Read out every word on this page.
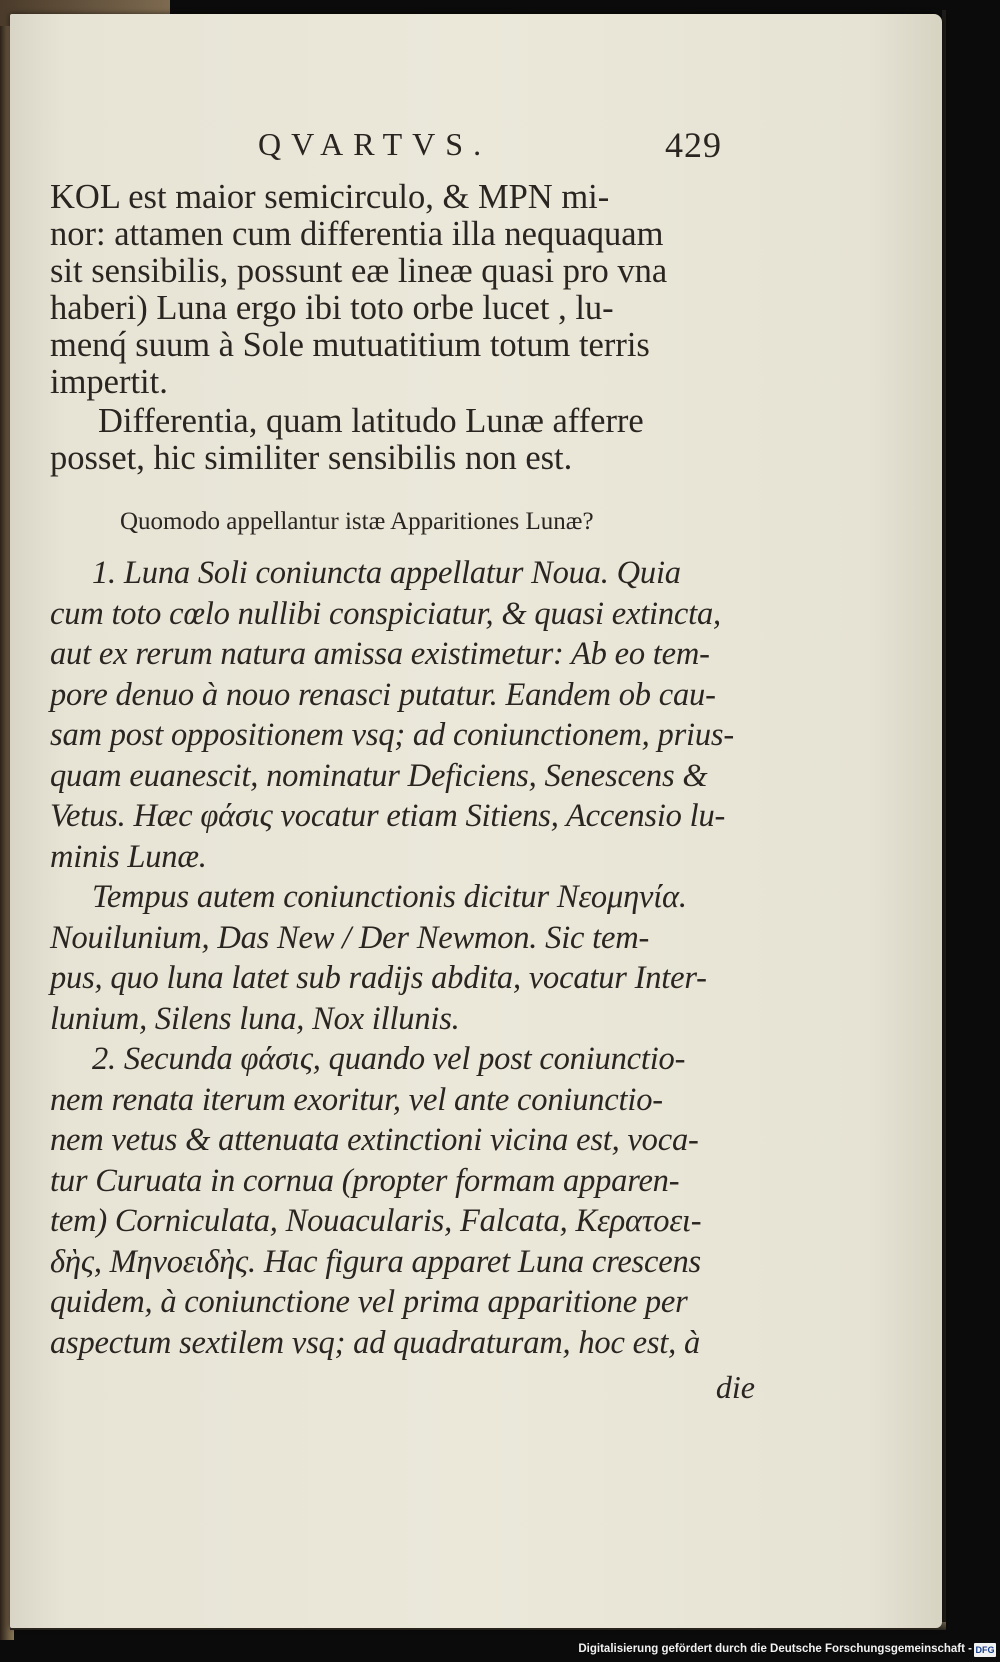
QVARTVS.	429

KOL est maior semicirculo, & MPN mi-
nor: attamen cum differentia illa nequaquam
sit sensibilis, possunt eæ lineæ quasi pro vna
haberi) Luna ergo ibi toto orbe lucet , lu-
menq́ suum à Sole mutuatitium totum terris
impertit.

Differentia, quam latitudo Lunæ afferre
posset, hic similiter sensibilis non est.

Quomodo appellantur istæ Apparitiones Lunæ?

1. Luna Soli coniuncta appellatur Noua. Quia

cum toto cœlo nullibi conspiciatur, & quasi extincta,
aut ex rerum natura amissa existimetur: Ab eo tem-
pore denuo à nouo renasci putatur. Eandem ob cau-
sam post oppositionem vsq; ad coniunctionem, prius-
quam euanescit, nominatur Deficiens, Senescens &
Vetus. Hæc φάσις vocatur etiam Sitiens, Accensio lu-
minis Lunæ.

Tempus autem coniunctionis dicitur Νεομηνία.
Nouilunium, Das New / Der Newmon. Sic tem-
pus, quo luna latet sub radijs abdita, vocatur Inter-
lunium, Silens luna, Nox illunis.

2. Secunda φάσις, quando vel post coniunctio-
nem renata iterum exoritur, vel ante coniunctio-
nem vetus & attenuata extinctioni vicina est, voca-
tur Curuata in cornua (propter formam apparen-
tem) Corniculata, Nouacularis, Falcata, Κερατοει-
δὴς, Μηνοειδὴς. Hac figura apparet Luna crescens
quidem, à coniunctione vel prima apparitione per
aspectum sextilem vsq; ad quadraturam, hoc est, à

die
Digitalisierung gefördert durch die Deutsche Forschungsgemeinschaft - DFG
